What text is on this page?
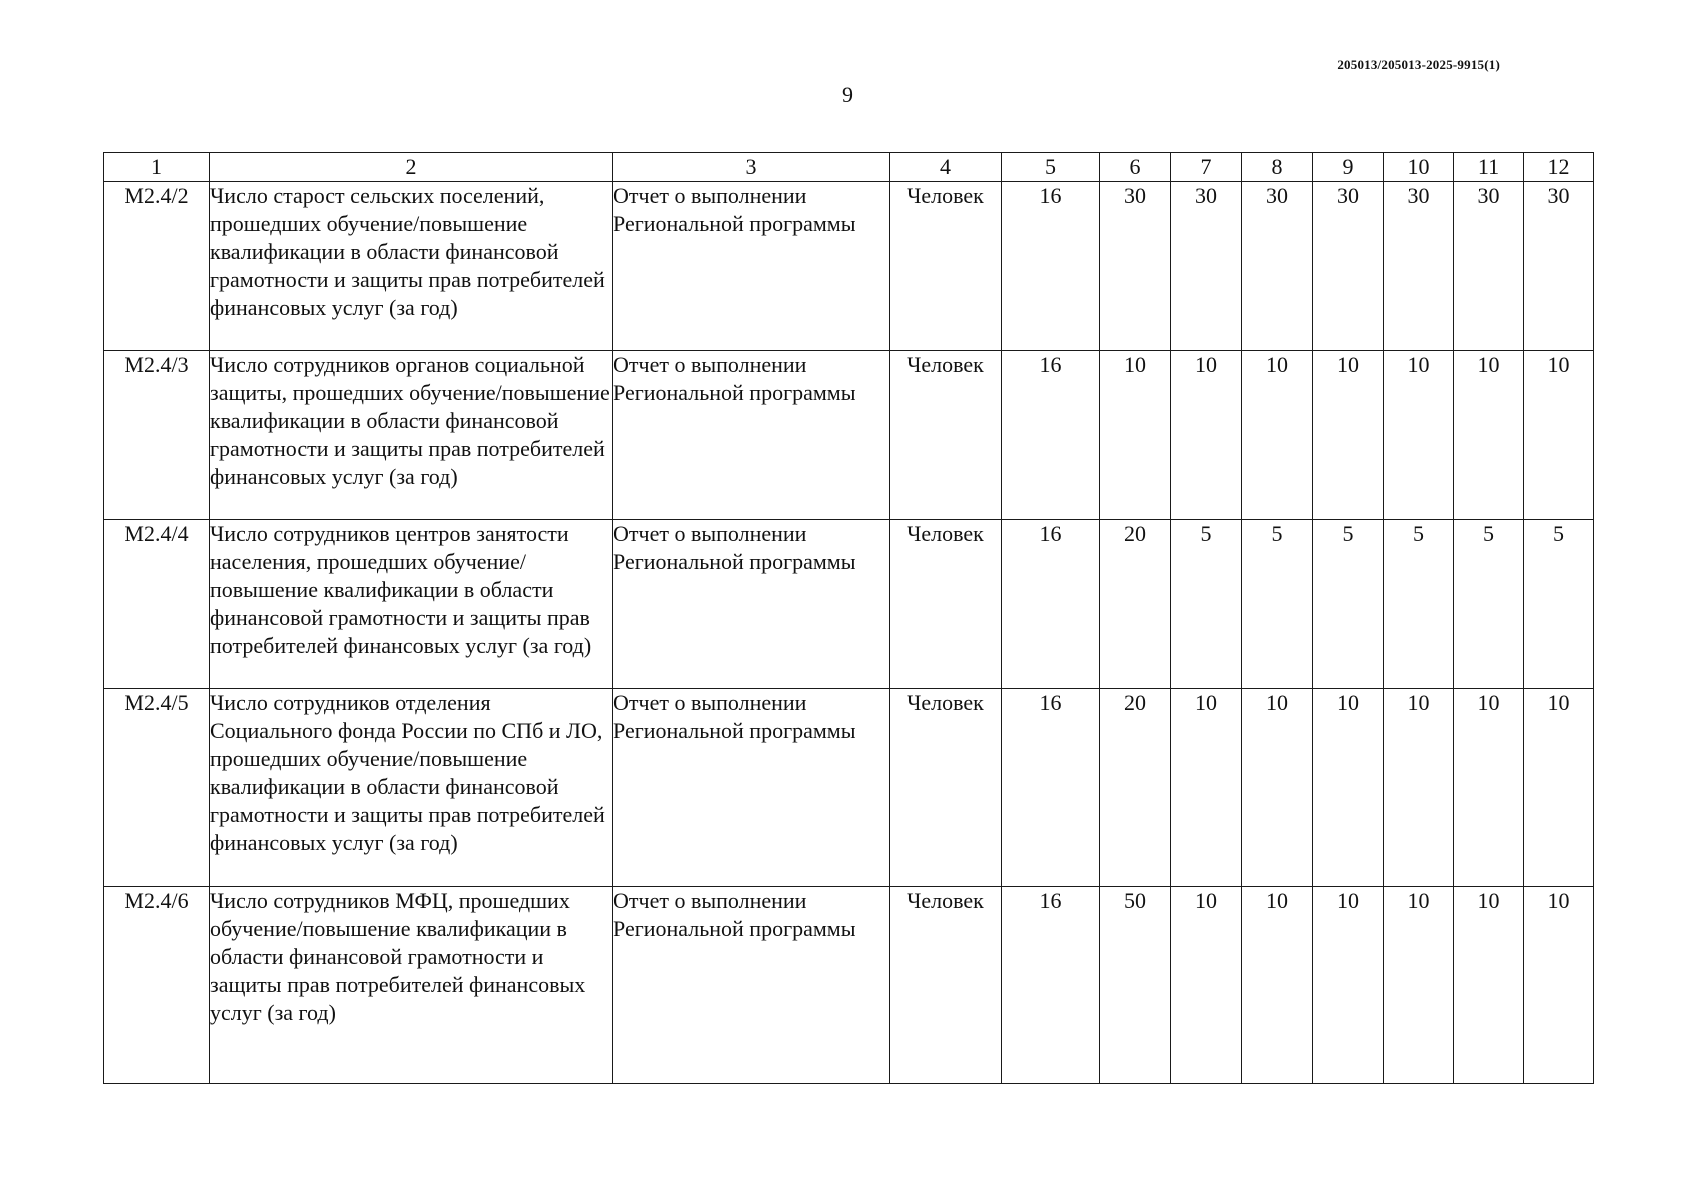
205013/205013-2025-9915(1)
9
1	2	3	4	5	6	7	8	9	10	11	12
М2.4/2	Число старост сельских поселений, прошедших обучение/повышение квалификации в области финансовой грамотности и защиты прав потребителей финансовых услуг (за год)	Отчет о выполнении Региональной программы	Человек	16	30	30	30	30	30	30	30
М2.4/3	Число сотрудников органов социальной защиты, прошедших обучение/повышение квалификации в области финансовой грамотности и защиты прав потребителей финансовых услуг (за год)	Отчет о выполнении Региональной программы	Человек	16	10	10	10	10	10	10	10
М2.4/4	Число сотрудников центров занятости населения, прошедших обучение/повышение квалификации в области финансовой грамотности и защиты прав потребителей финансовых услуг (за год)	Отчет о выполнении Региональной программы	Человек	16	20	5	5	5	5	5	5
М2.4/5	Число сотрудников отделения Социального фонда России по СПб и ЛО, прошедших обучение/повышение квалификации в области финансовой грамотности и защиты прав потребителей финансовых услуг (за год)	Отчет о выполнении Региональной программы	Человек	16	20	10	10	10	10	10	10
М2.4/6	Число сотрудников МФЦ, прошедших обучение/повышение квалификации в области финансовой грамотности и защиты прав потребителей финансовых услуг (за год)	Отчет о выполнении Региональной программы	Человек	16	50	10	10	10	10	10	10
